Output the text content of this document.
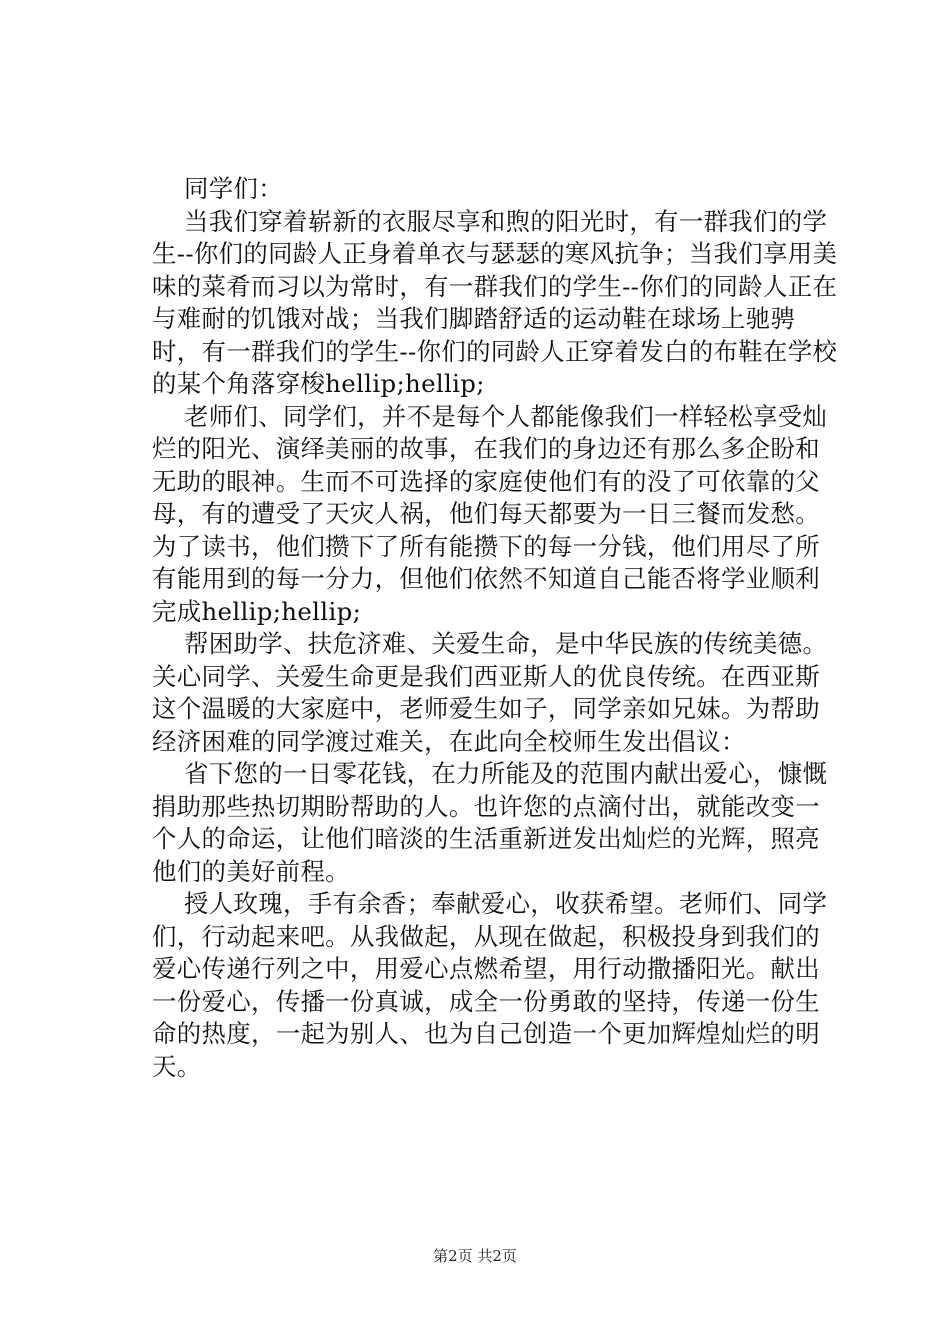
同学们：

当我们穿着崭新的衣服尽享和煦的阳光时，有一群我们的学生--你们的同龄人正身着单衣与瑟瑟的寒风抗争；当我们享用美味的菜肴而习以为常时，有一群我们的学生--你们的同龄人正在与难耐的饥饿对战；当我们脚踏舒适的运动鞋在球场上驰骋时，有一群我们的学生--你们的同龄人正穿着发白的布鞋在学校的某个角落穿梭hellip;hellip;

老师们、同学们，并不是每个人都能像我们一样轻松享受灿烂的阳光、演绎美丽的故事，在我们的身边还有那么多企盼和无助的眼神。生而不可选择的家庭使他们有的没了可依靠的父母，有的遭受了天灾人祸，他们每天都要为一日三餐而发愁。为了读书，他们攒下了所有能攒下的每一分钱，他们用尽了所有能用到的每一分力，但他们依然不知道自己能否将学业顺利完成hellip;hellip;

帮困助学、扶危济难、关爱生命，是中华民族的传统美德。关心同学、关爱生命更是我们西亚斯人的优良传统。在西亚斯这个温暖的大家庭中，老师爱生如子，同学亲如兄妹。为帮助经济困难的同学渡过难关，在此向全校师生发出倡议：

省下您的一日零花钱，在力所能及的范围内献出爱心，慷慨捐助那些热切期盼帮助的人。也许您的点滴付出，就能改变一个人的命运，让他们暗淡的生活重新迸发出灿烂的光辉，照亮他们的美好前程。

授人玫瑰，手有余香；奉献爱心，收获希望。老师们、同学们，行动起来吧。从我做起，从现在做起，积极投身到我们的爱心传递行列之中，用爱心点燃希望，用行动撒播阳光。献出一份爱心，传播一份真诚，成全一份勇敢的坚持，传递一份生命的热度，一起为别人、也为自己创造一个更加辉煌灿烂的明天。

第2页 共2页
